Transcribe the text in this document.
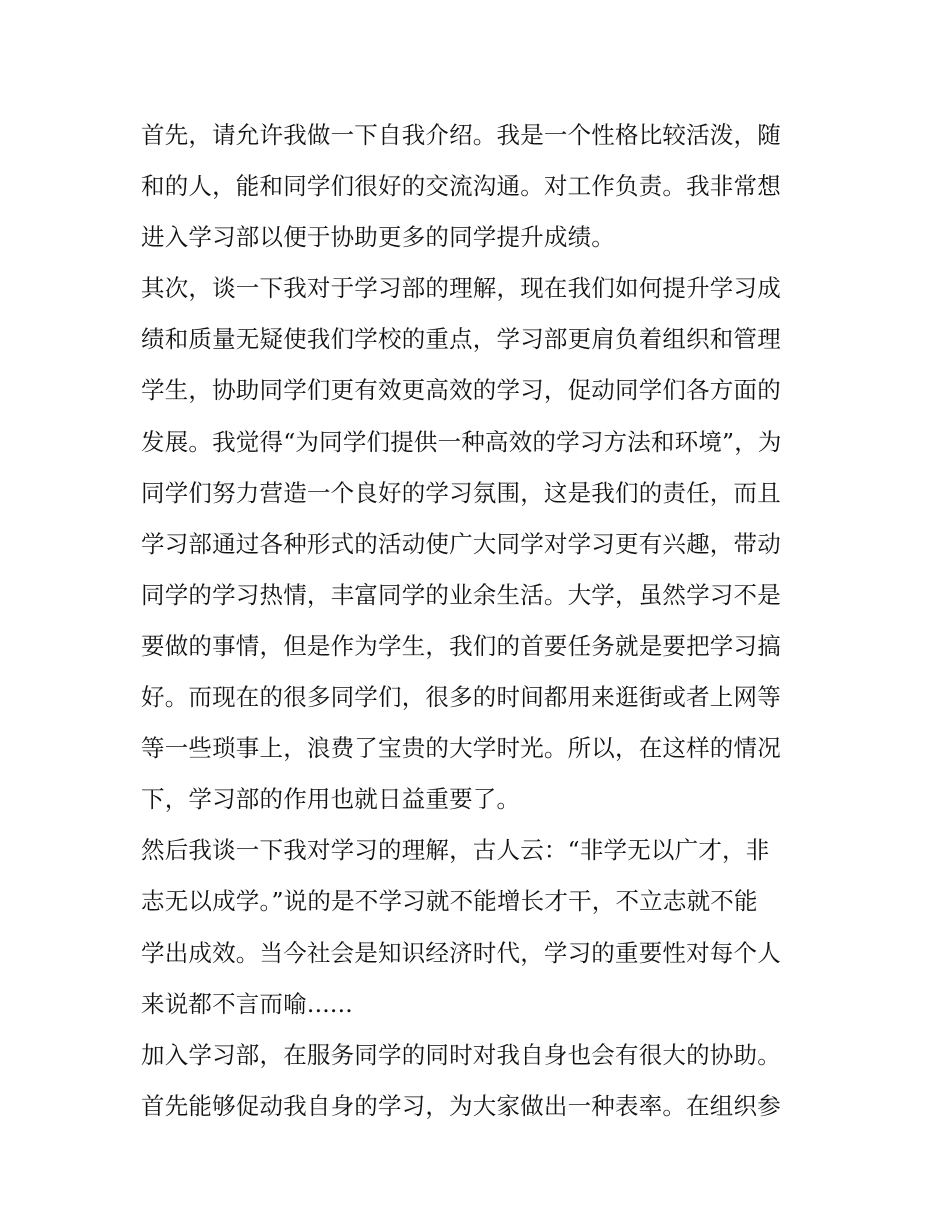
首先，请允许我做一下自我介绍。我是一个性格比较活泼，随
和的人，能和同学们很好的交流沟通。对工作负责。我非常想
进入学习部以便于协助更多的同学提升成绩。
其次，谈一下我对于学习部的理解，现在我们如何提升学习成
绩和质量无疑使我们学校的重点，学习部更肩负着组织和管理
学生，协助同学们更有效更高效的学习，促动同学们各方面的
发展。我觉得“为同学们提供一种高效的学习方法和环境”，为
同学们努力营造一个良好的学习氛围，这是我们的责任，而且
学习部通过各种形式的活动使广大同学对学习更有兴趣，带动
同学的学习热情，丰富同学的业余生活。大学，虽然学习不是
要做的事情，但是作为学生，我们的首要任务就是要把学习搞
好。而现在的很多同学们，很多的时间都用来逛街或者上网等
等一些琐事上，浪费了宝贵的大学时光。所以，在这样的情况
下，学习部的作用也就日益重要了。
然后我谈一下我对学习的理解，古人云：“非学无以广才，非
志无以成学。”说的是不学习就不能增长才干，不立志就不能
学出成效。当今社会是知识经济时代，学习的重要性对每个人
来说都不言而喻......
加入学习部，在服务同学的同时对我自身也会有很大的协助。
首先能够促动我自身的学习，为大家做出一种表率。在组织参
